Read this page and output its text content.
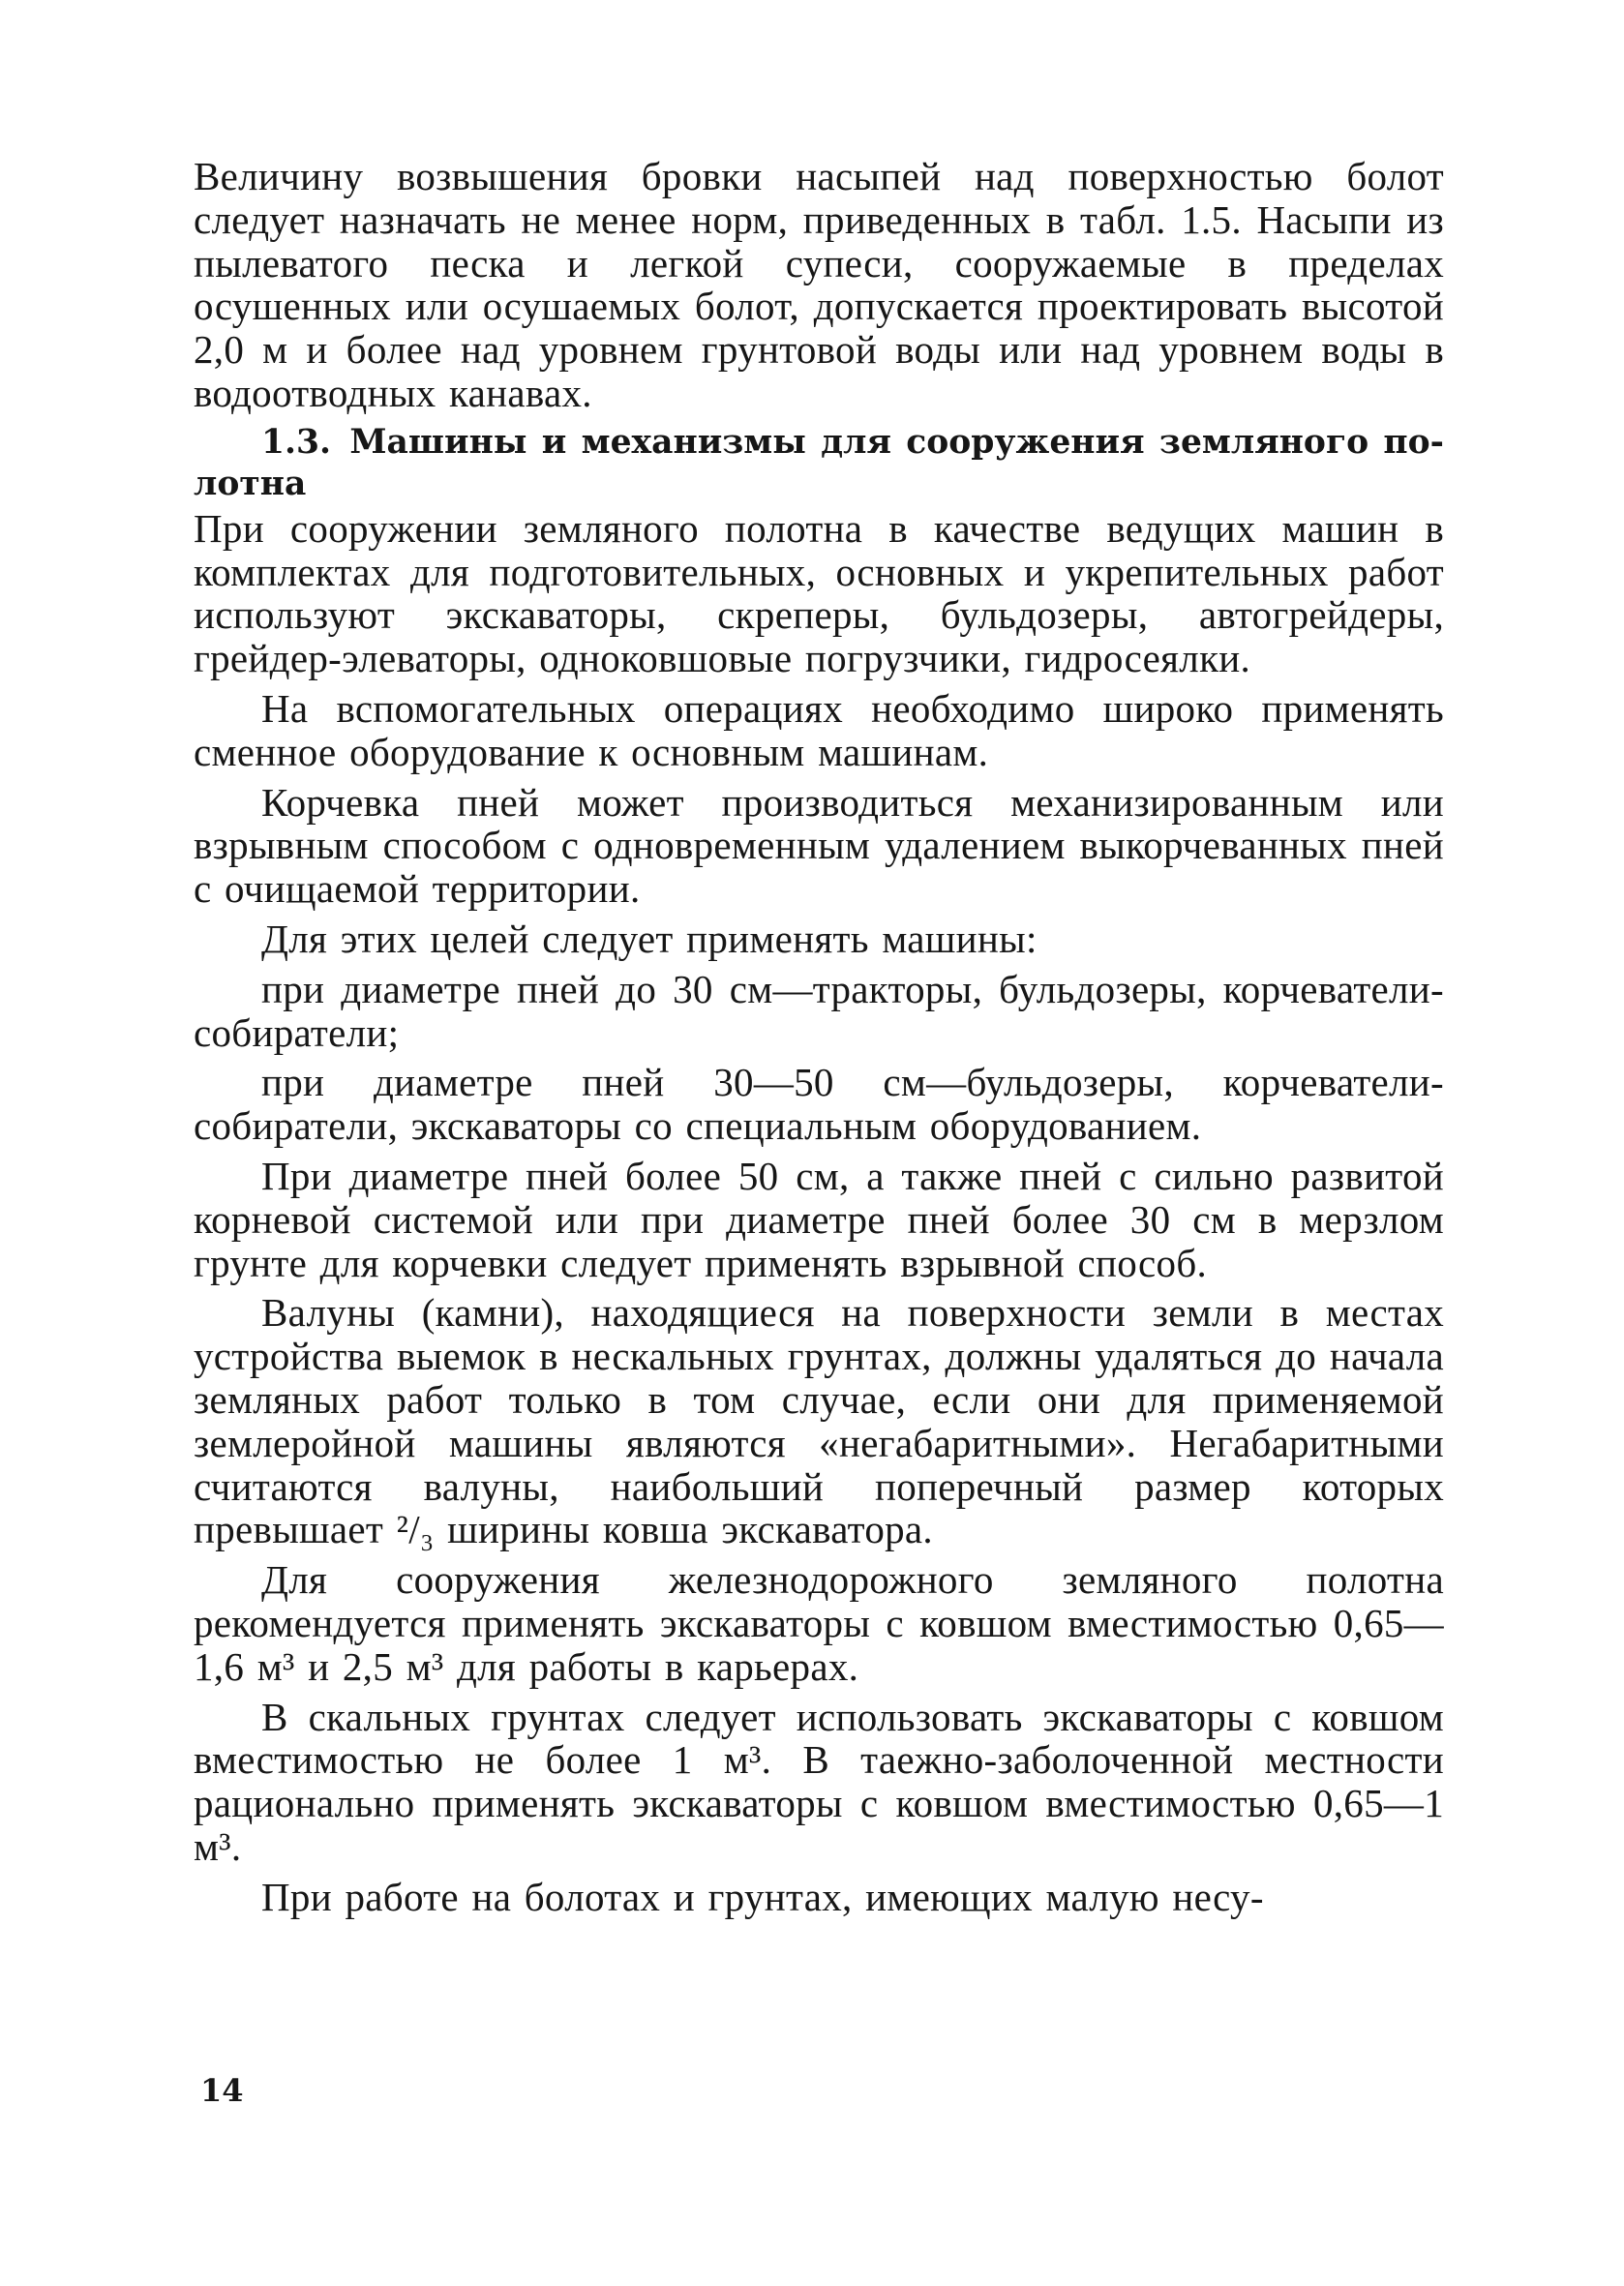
Величину возвышения бровки насыпей над поверхностью болот следует назначать не менее норм, приведенных в табл. 1.5. Насыпи из пылеватого песка и легкой супеси, сооружаемые в пределах осушенных или осушаемых болот, допускается проектировать высотой 2,0 м и более над уровнем грунтовой воды или над уровнем воды в водоотводных канавах.

1.3. Машины и механизмы для сооружения земляного полотна

При сооружении земляного полотна в качестве ведущих машин в комплектах для подготовительных, основных и укрепительных работ используют экскаваторы, скреперы, бульдозеры, автогрейдеры, грейдер-элеваторы, одноковшовые погрузчики, гидросеялки.

На вспомогательных операциях необходимо широко применять сменное оборудование к основным машинам.

Корчевка пней может производиться механизированным или взрывным способом с одновременным удалением выкорчеванных пней с очищаемой территории.

Для этих целей следует применять машины:

при диаметре пней до 30 см—тракторы, бульдозеры, корчеватели-собиратели;

при диаметре пней 30—50 см—бульдозеры, корчеватели-собиратели, экскаваторы со специальным оборудованием.

При диаметре пней более 50 см, а также пней с сильно развитой корневой системой или при диаметре пней более 30 см в мерзлом грунте для корчевки следует применять взрывной способ.

Валуны (камни), находящиеся на поверхности земли в местах устройства выемок в нескальных грунтах, должны удаляться до начала земляных работ только в том случае, если они для применяемой землеройной машины являются «негабаритными». Негабаритными считаются валуны, наибольший поперечный размер которых превышает ²/₃ ширины ковша экскаватора.

Для сооружения железнодорожного земляного полотна рекомендуется применять экскаваторы с ковшом вместимостью 0,65—1,6 м³ и 2,5 м³ для работы в карьерах.

В скальных грунтах следует использовать экскаваторы с ковшом вместимостью не более 1 м³. В таежно-заболоченной местности рационально применять экскаваторы с ковшом вместимостью 0,65—1 м³.

При работе на болотах и грунтах, имеющих малую несу-

14
